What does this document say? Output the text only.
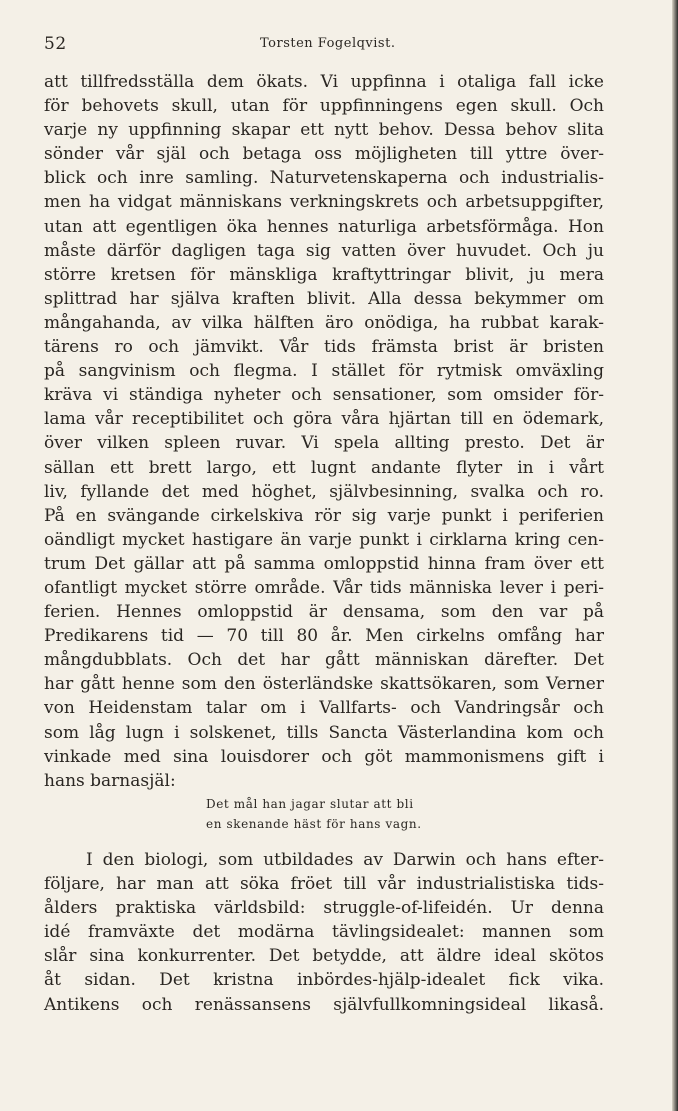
52	Torsten Fogelqvist.
att tillfredsställa dem ökats. Vi uppfinna i otaliga fall icke
för behovets skull, utan för uppfinningens egen skull. Och
varje ny uppfinning skapar ett nytt behov. Dessa behov slita
sönder vår själ och betaga oss möjligheten till yttre över-
blick och inre samling. Naturvetenskaperna och industrialis-
men ha vidgat människans verkningskrets och arbetsuppgifter,
utan att egentligen öka hennes naturliga arbetsförmåga. Hon
måste därför dagligen taga sig vatten över huvudet. Och ju
större kretsen för mänskliga kraftyttringar blivit, ju mera
splittrad har själva kraften blivit. Alla dessa bekymmer om
mångahanda, av vilka hälften äro onödiga, ha rubbat karak-
tärens ro och jämvikt. Vår tids främsta brist är bristen
på sangvinism och flegma. I stället för rytmisk omväxling
kräva vi ständiga nyheter och sensationer, som omsider för-
lama vår receptibilitet och göra våra hjärtan till en ödemark,
över vilken spleen ruvar. Vi spela allting presto. Det är
sällan ett brett largo, ett lugnt andante flyter in i vårt
liv, fyllande det med höghet, självbesinning, svalka och ro.
På en svängande cirkelskiva rör sig varje punkt i periferien
oändligt mycket hastigare än varje punkt i cirklarna kring cen-
trum Det gällar att på samma omloppstid hinna fram över ett
ofantligt mycket större område. Vår tids människa lever i peri-
ferien. Hennes omloppstid är densama, som den var på
Predikarens tid — 70 till 80 år. Men cirkelns omfång har
mångdubblats. Och det har gått människan därefter. Det
har gått henne som den österländske skattsökaren, som Verner
von Heidenstam talar om i Vallfarts- och Vandringsår och
som låg lugn i solskenet, tills Sancta Västerlandina kom och
vinkade med sina louisdorer och göt mammonismens gift i
hans barnasjäl:
Det mål han jagar slutar att bli
en skenande häst för hans vagn.
I den biologi, som utbildades av Darwin och hans efter-
följare, har man att söka fröet till vår industrialistiska tids-
ålders praktiska världsbild: struggle-of-lifeidén. Ur denna
idé framväxte det modärna tävlingsidealet: mannen som
slår sina konkurrenter. Det betydde, att äldre ideal skötos
åt sidan. Det kristna inbördes-hjälp-idealet fick vika.
Antikens och renässansens självfullkomningsideal likaså.
